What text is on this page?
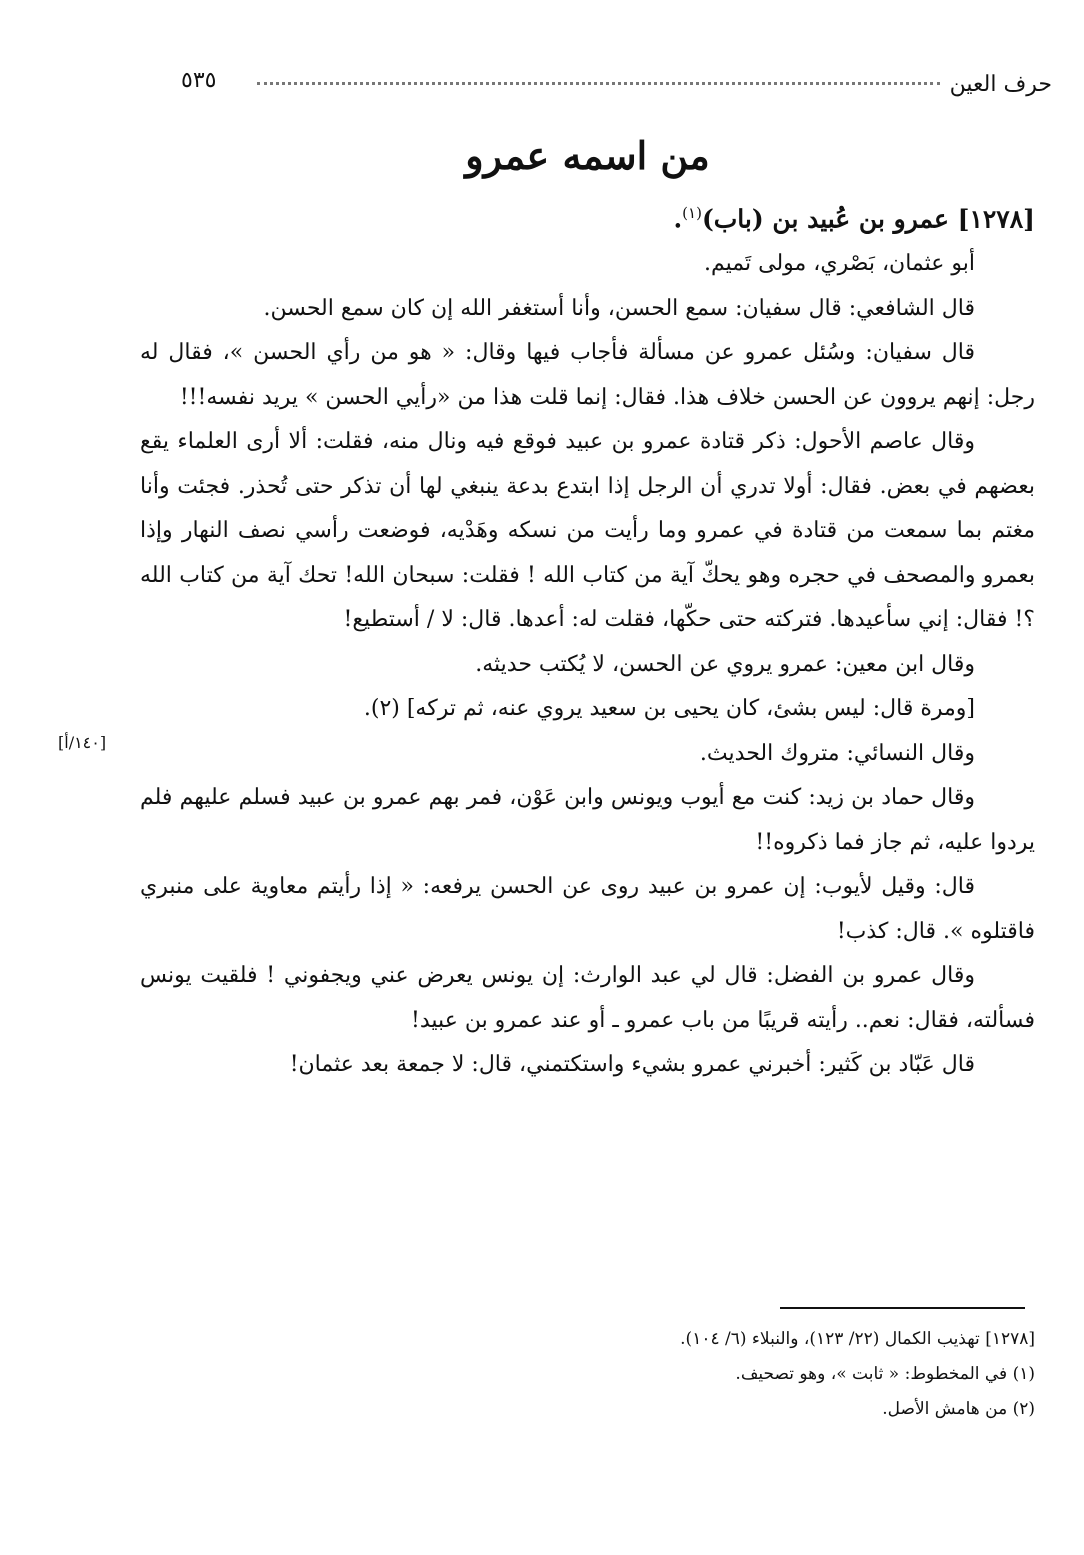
٥٣٥	حرف العين
[١٤٠/أ]
من اسمه عمرو
[١٢٧٨] عمرو بن عُبيد بن (باب)$^{(١)}$.

أبو عثمان، بَصْري، مولى تَميم.

قال الشافعي: قال سفيان: سمع الحسن، وأنا أستغفر الله إن كان سمع الحسن.

قال سفيان: وسُئل عمرو عن مسألة فأجاب فيها وقال: « هو من رأي الحسن »، فقال له رجل: إنهم يروون عن الحسن خلاف هذا. فقال: إنما قلت هذا من «رأيي الحسن » يريد نفسه!!!

وقال عاصم الأحول: ذكر قتادة عمرو بن عبيد فوقع فيه ونال منه، فقلت: ألا أرى العلماء يقع بعضهم في بعض. فقال: أولا تدري أن الرجل إذا ابتدع بدعة ينبغي لها أن تذكر حتى تُحذر. فجئت وأنا مغتم بما سمعت من قتادة في عمرو وما رأيت من نسكه وهَدْيه، فوضعت رأسي نصف النهار وإذا بعمرو والمصحف في حجره وهو يحكّ آية من كتاب الله ! فقلت: سبحان الله! تحك آية من كتاب الله ؟! فقال: إني سأعيدها. فتركته حتى حكّها، فقلت له: أعدها. قال: لا / أستطيع!

وقال ابن معين: عمرو يروي عن الحسن، لا يُكتب حديثه.

[ومرة قال: ليس بشئ، كان يحيى بن سعيد يروي عنه، ثم تركه] (٢).

وقال النسائي: متروك الحديث.

وقال حماد بن زيد: كنت مع أيوب ويونس وابن عَوْن، فمر بهم عمرو بن عبيد فسلم عليهم فلم يردوا عليه، ثم جاز فما ذكروه!!

قال: وقيل لأيوب: إن عمرو بن عبيد روى عن الحسن يرفعه: « إذا رأيتم معاوية على منبري فاقتلوه ». قال: كذب!

وقال عمرو بن الفضل: قال لي عبد الوارث: إن يونس يعرض عني ويجفوني ! فلقيت يونس فسألته، فقال: نعم.. رأيته قريبًا من باب عمرو ـ أو عند عمرو بن عبيد!

قال عَبّاد بن كَثير: أخبرني عمرو بشيء واستكتمني، قال: لا جمعة بعد عثمان!

[١٢٧٨] تهذيب الكمال (٢٢/ ١٢٣)، والنبلاء (٦/ ١٠٤).

(١) في المخطوط: « ثابت »، وهو تصحيف.

(٢) من هامش الأصل.
